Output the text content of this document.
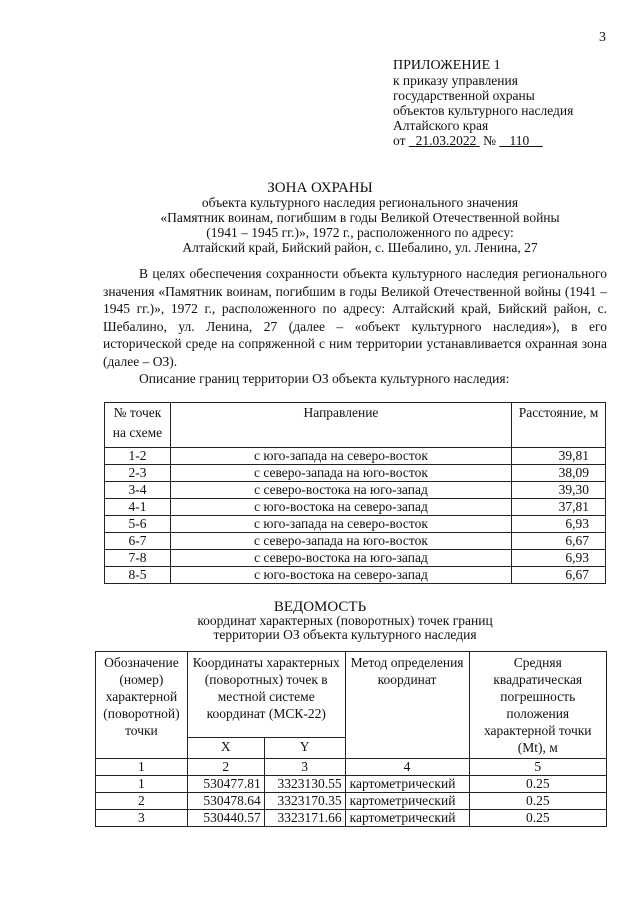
3
ПРИЛОЖЕНИЕ 1
к приказу управления
государственной охраны
объектов культурного наследия
Алтайского края
от 21.03.2022 № 110
ЗОНА ОХРАНЫ
объекта культурного наследия регионального значения
«Памятник воинам, погибшим в годы Великой Отечественной войны
(1941 – 1945 гг.)», 1972 г., расположенного по адресу:
Алтайский край, Бийский район, с. Шебалино, ул. Ленина, 27

В целях обеспечения сохранности объекта культурного наследия регионального значения «Памятник воинам, погибшим в годы Великой Отечественной войны (1941 – 1945 гг.)», 1972 г., расположенного по адресу: Алтайский край, Бийский район, с. Шебалино, ул. Ленина, 27 (далее – «объект культурного наследия»), в его исторической среде на сопряженной с ним территории устанавливается охранная зона (далее – ОЗ).

Описание границ территории ОЗ объекта культурного наследия:
№ точек на схеме	Направление	Расстояние, м
1-2	с юго-запада на северо-восток	39,81
2-3	с северо-запада на юго-восток	38,09
3-4	с северо-востока на юго-запад	39,30
4-1	с юго-востока на северо-запад	37,81
5-6	с юго-запада на северо-восток	6,93
6-7	с северо-запада на юго-восток	6,67
7-8	с северо-востока на юго-запад	6,93
8-5	с юго-востока на северо-запад	6,67
ВЕДОМОСТЬ
координат характерных (поворотных) точек границ
территории ОЗ объекта культурного наследия
Обозначение (номер) характерной (поворотной) точки	Координаты характерных (поворотных) точек в местной системе координат (МСК-22)		Метод определения координат	Средняя квадратическая погрешность положения характерной точки (Mt), м
	X	Y		
1	2	3	4	5
1	530477.81	3323130.55	картометрический	0.25
2	530478.64	3323170.35	картометрический	0.25
3	530440.57	3323171.66	картометрический	0.25
